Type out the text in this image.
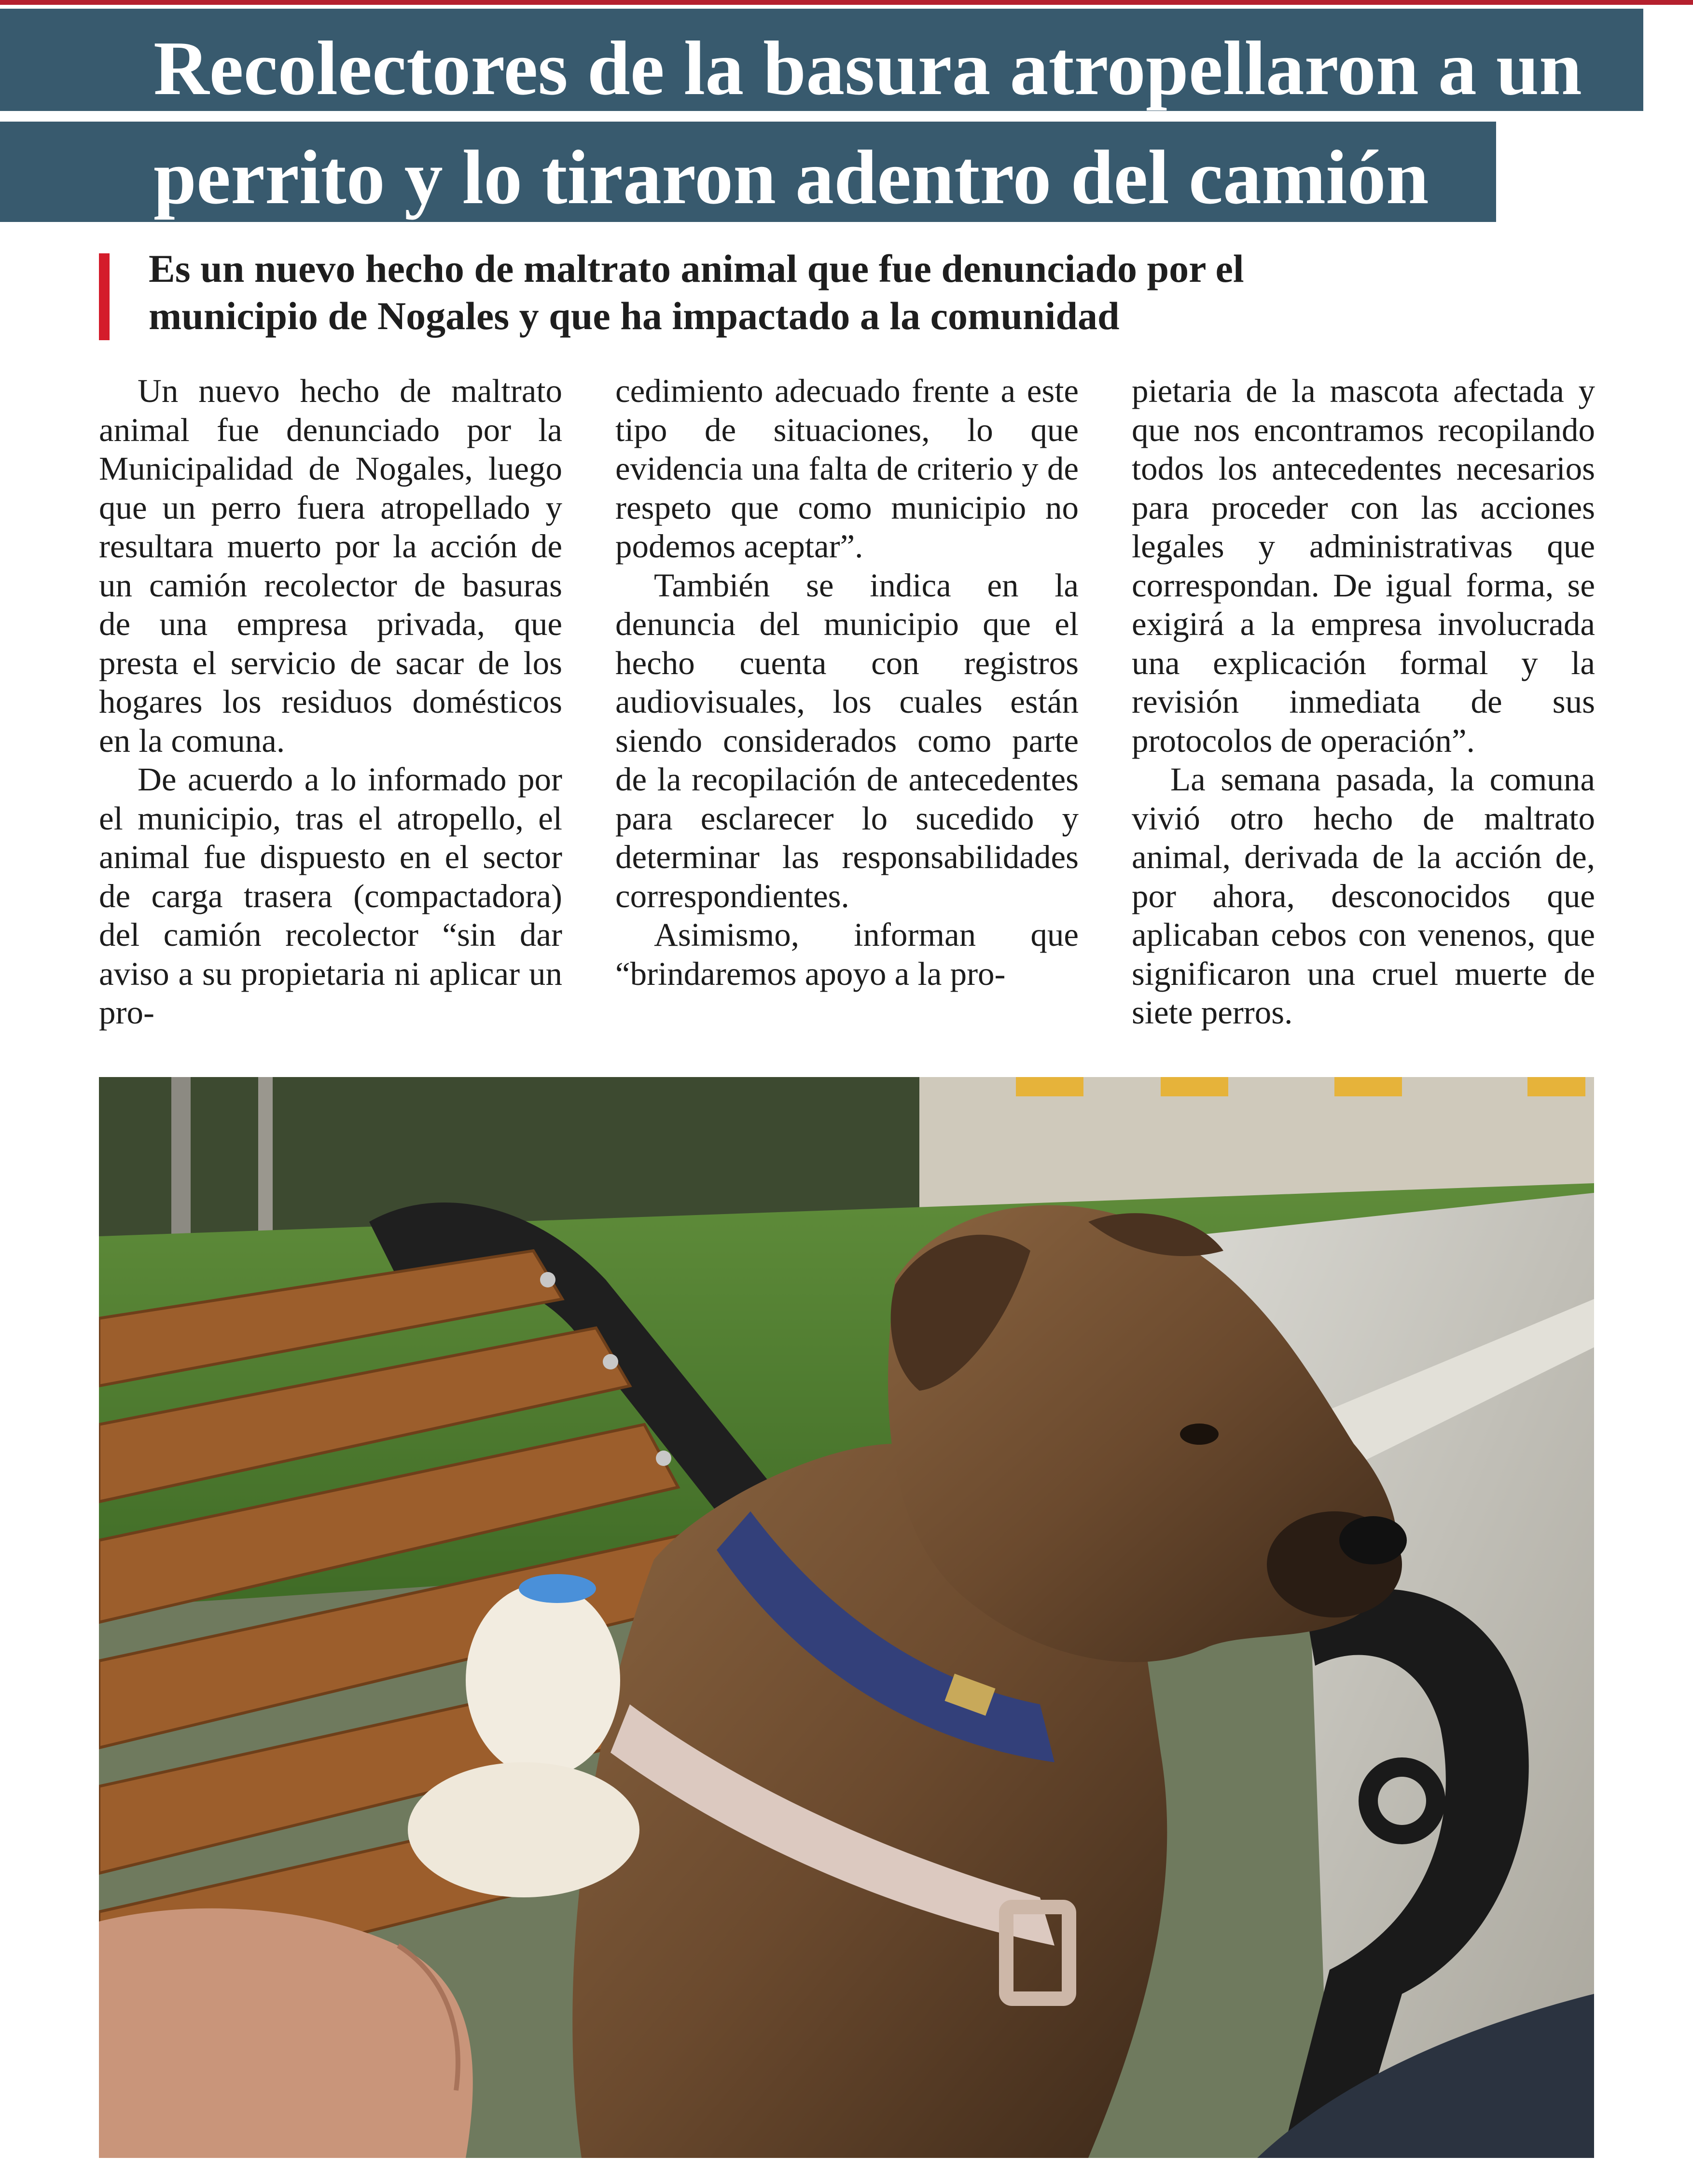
Recolectores de la basura atropellaron a un
perrito y lo tiraron adentro del camión
Es un nuevo hecho de maltrato animal que fue denunciado por el
municipio de Nogales y que ha impactado a la comunidad

Un nuevo hecho de maltrato animal fue denunciado por la Municipalidad de Nogales, luego que un perro fuera atropellado y resultara muerto por la acción de un camión recolector de basuras de una empresa privada, que presta el servicio de sacar de los hogares los residuos domésticos en la comuna.

De acuerdo a lo informado por el municipio, tras el atropello, el animal fue dispuesto en el sector de carga trasera (compactadora) del camión recolector “sin dar aviso a su propietaria ni aplicar un pro-

cedimiento adecuado frente a este tipo de situaciones, lo que evidencia una falta de criterio y de respeto que como municipio no podemos aceptar”.

También se indica en la denuncia del municipio que el hecho cuenta con registros audiovisuales, los cuales están siendo considerados como parte de la recopilación de antecedentes para esclarecer lo sucedido y determinar las responsabilidades correspondientes.

Asimismo, informan que “brindaremos apoyo a la pro-

pietaria de la mascota afectada y que nos encontramos recopilando todos los antecedentes necesarios para proceder con las acciones legales y administrativas que correspondan. De igual forma, se exigirá a la empresa involucrada una explicación formal y la revisión inmediata de sus protocolos de operación”.

La semana pasada, la comuna vivió otro hecho de maltrato animal, derivada de la acción de, por ahora, desconocidos que aplicaban cebos con venenos, que significaron una cruel muerte de siete perros.
